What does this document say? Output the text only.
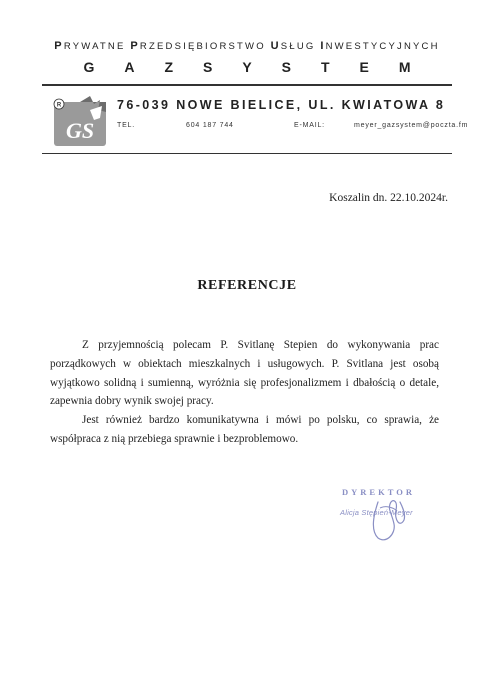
PRYWATNE PRZEDSIĘBIORSTWO USŁUG INWESTYCYJNYCH
GAZSYSTEM
R
GS
76-039 NOWE BIELICE, UL. KWIATOWA 8
TEL.	604 187 744	E-MAIL:	meyer_gazsystem@poczta.fm
Koszalin dn. 22.10.2024r.
REFERENCJE

Z przyjemnością polecam P. Svitlanę Stepien do wykonywania prac porządkowych w obiektach mieszkalnych i usługowych. P. Svitlana jest osobą wyjątkowo solidną i sumienną, wyróżnia się profesjonalizmem i dbałością o detale, zapewnia dobry wynik swojej pracy.

Jest również bardzo komunikatywna i mówi po polsku, co sprawia, że współpraca z nią przebiega sprawnie i bezproblemowo.

DYREKTOR
Alicja Stępień-Meyer
